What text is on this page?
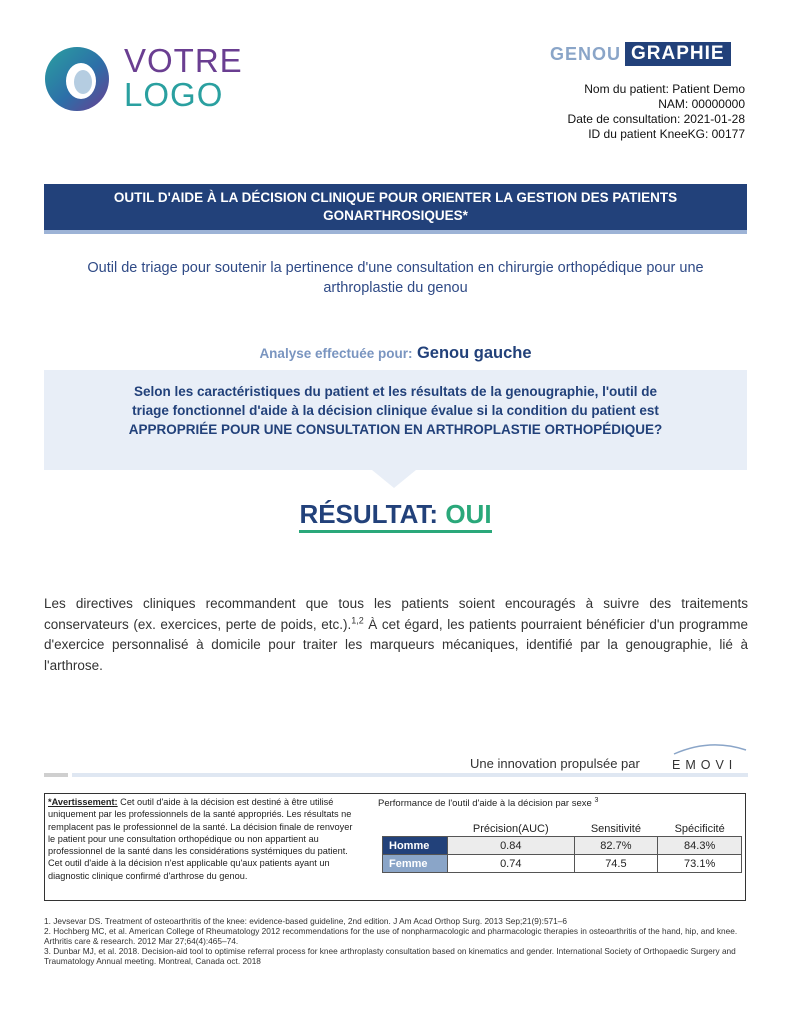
VOTRE
LOGO
GENOU GRAPHIE
Nom du patient: Patient Demo
NAM: 00000000
Date de consultation: 2021-01-28
ID du patient KneeKG: 00177
OUTIL D'AIDE À LA DÉCISION CLINIQUE POUR ORIENTER LA GESTION DES PATIENTS GONARTHROSIQUES*
Outil de triage pour soutenir la pertinence d'une consultation en chirurgie orthopédique pour une arthroplastie du genou
Analyse effectuée pour: Genou gauche
Selon les caractéristiques du patient et les résultats de la genougraphie, l'outil de triage fonctionnel d'aide à la décision clinique évalue si la condition du patient est APPROPRIÉE POUR UNE CONSULTATION EN ARTHROPLASTIE ORTHOPÉDIQUE?
RÉSULTAT: OUI
Les directives cliniques recommandent que tous les patients soient encouragés à suivre des traitements conservateurs (ex. exercices, perte de poids, etc.).$^{1,2}$ À cet égard, les patients pourraient bénéficier d'un programme d'exercice personnalisé à domicile pour traiter les marqueurs mécaniques, identifié par la genougraphie, lié à l'arthrose.
Une innovation propulsée par	EMOVI
*Avertissement: Cet outil d'aide à la décision est destiné à être utilisé uniquement par les professionnels de la santé appropriés. Les résultats ne remplacent pas le professionnel de la santé. La décision finale de renvoyer le patient pour une consultation orthopédique ou non appartient au professionnel de la santé dans les considérations systémiques du patient. Cet outil d'aide à la décision n'est applicable qu'aux patients ayant un diagnostic clinique confirmé d'arthrose du genou.
Performance de l'outil d'aide à la décision par sexe $^3$
	Précision(AUC)	Sensitivité	Spécificité
Homme	0.84	82.7%	84.3%
Femme	0.74	74.5	73.1%
1. Jevsevar DS. Treatment of osteoarthritis of the knee: evidence-based guideline, 2nd edition. J Am Acad Orthop Surg. 2013 Sep;21(9):571–6
2. Hochberg MC, et al. American College of Rheumatology 2012 recommendations for the use of nonpharmacologic and pharmacologic therapies in osteoarthritis of the hand, hip, and knee. Arthritis care & research. 2012 Mar 27;64(4):465–74.
3. Dunbar MJ, et al. 2018. Decision-aid tool to optimise referral process for knee arthroplasty consultation based on kinematics and gender. International Society of Orthopaedic Surgery and Traumatology Annual meeting. Montreal, Canada oct. 2018
